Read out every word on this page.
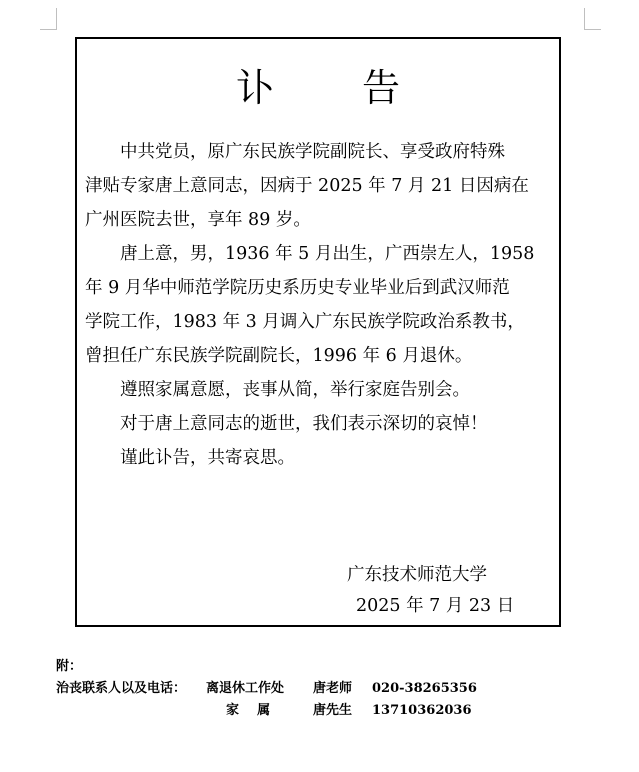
讣 告
中共党员，原广东民族学院副院长、享受政府特殊
津贴专家唐上意同志，因病于 2025 年 7 月 21 日因病在
广州医院去世，享年 89 岁。
唐上意，男，1936 年 5 月出生，广西崇左人，1958
年 9 月华中师范学院历史系历史专业毕业后到武汉师范
学院工作，1983 年 3 月调入广东民族学院政治系教书，
曾担任广东民族学院副院长，1996 年 6 月退休。
遵照家属意愿，丧事从简，举行家庭告别会。
对于唐上意同志的逝世，我们表示深切的哀悼！
谨此讣告，共寄哀思。
广东技术师范大学
2025 年 7 月 23 日
附：
治丧联系人以及电话： 离退休工作处 唐老师 020-38265356
家    属	唐先生 13710362036
